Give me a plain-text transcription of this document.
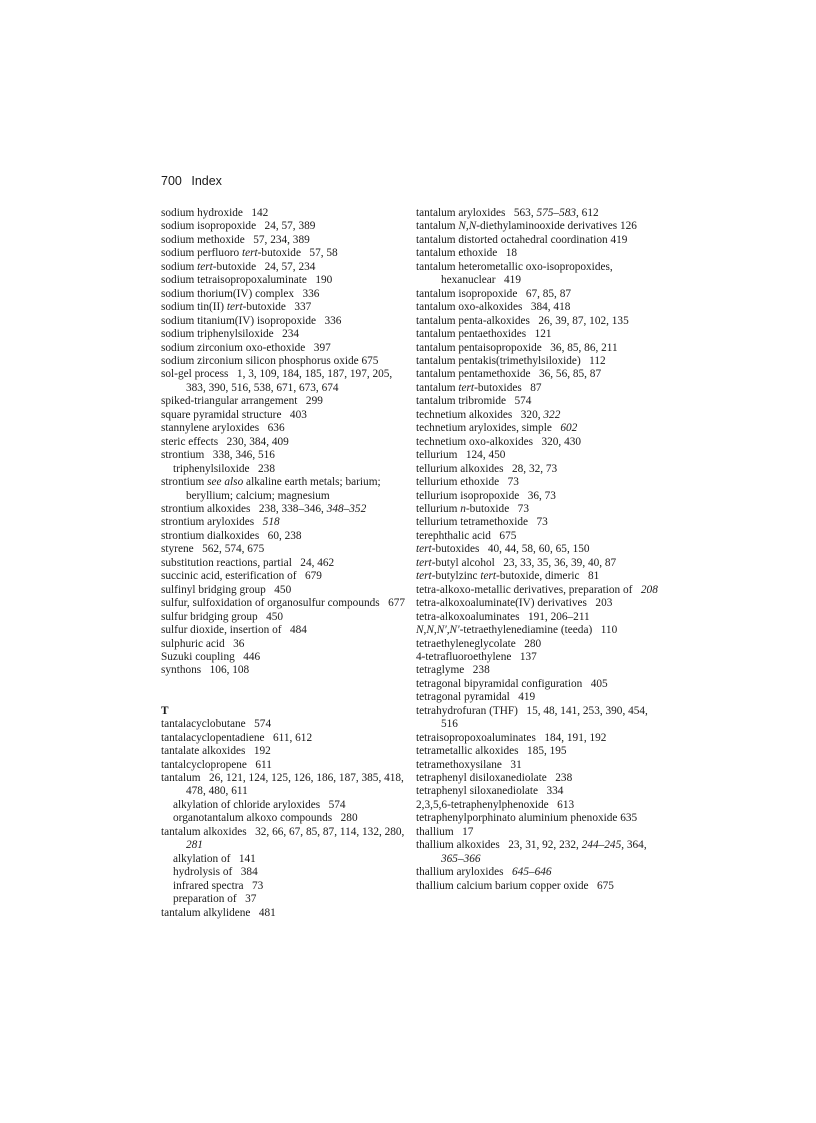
700 Index
sodium hydroxide   142
sodium isopropoxide   24, 57, 389
sodium methoxide   57, 234, 389
sodium perfluoro tert-butoxide   57, 58
sodium tert-butoxide   24, 57, 234
sodium tetraisopropoxaluminate   190
sodium thorium(IV) complex   336
sodium tin(II) tert-butoxide   337
sodium titanium(IV) isopropoxide   336
sodium triphenylsiloxide   234
sodium zirconium oxo-ethoxide   397
sodium zirconium silicon phosphorus oxide 675
sol-gel process   1, 3, 109, 184, 185, 187, 197, 205, 383, 390, 516, 538, 671, 673, 674
spiked-triangular arrangement   299
square pyramidal structure   403
stannylene aryloxides   636
steric effects   230, 384, 409
strontium   338, 346, 516
triphenylsiloxide   238
strontium see also alkaline earth metals; barium; beryllium; calcium; magnesium
strontium alkoxides   238, 338–346, 348–352
strontium aryloxides   518
strontium dialkoxides   60, 238
styrene   562, 574, 675
substitution reactions, partial   24, 462
succinic acid, esterification of   679
sulfinyl bridging group   450
sulfur, sulfoxidation of organosulfur compounds   677
sulfur bridging group   450
sulfur dioxide, insertion of   484
sulphuric acid   36
Suzuki coupling   446
synthons   106, 108
T
tantalacyclobutane   574
tantalacyclopentadiene   611, 612
tantalate alkoxides   192
tantalcyclopropene   611
tantalum   26, 121, 124, 125, 126, 186, 187, 385, 418, 478, 480, 611
alkylation of chloride aryloxides   574
organotantalum alkoxo compounds   280
tantalum alkoxides   32, 66, 67, 85, 87, 114, 132, 280, 281
alkylation of   141
hydrolysis of   384
infrared spectra   73
preparation of   37
tantalum alkylidene   481
tantalum aryloxides   563, 575–583, 612
tantalum N,N-diethylaminooxide derivatives 126
tantalum distorted octahedral coordination 419
tantalum ethoxide   18
tantalum heterometallic oxo-isopropoxides, hexanuclear   419
tantalum isopropoxide   67, 85, 87
tantalum oxo-alkoxides   384, 418
tantalum penta-alkoxides   26, 39, 87, 102, 135
tantalum pentaethoxides   121
tantalum pentaisopropoxide   36, 85, 86, 211
tantalum pentakis(trimethylsiloxide)   112
tantalum pentamethoxide   36, 56, 85, 87
tantalum tert-butoxides   87
tantalum tribromide   574
technetium alkoxides   320, 322
technetium aryloxides, simple   602
technetium oxo-alkoxides   320, 430
tellurium   124, 450
tellurium alkoxides   28, 32, 73
tellurium ethoxide   73
tellurium isopropoxide   36, 73
tellurium n-butoxide   73
tellurium tetramethoxide   73
terephthalic acid   675
tert-butoxides   40, 44, 58, 60, 65, 150
tert-butyl alcohol   23, 33, 35, 36, 39, 40, 87
tert-butylzinc tert-butoxide, dimeric   81
tetra-alkoxo-metallic derivatives, preparation of   208
tetra-alkoxoaluminate(IV) derivatives   203
tetra-alkoxoaluminates   191, 206–211
N,N,N′,N′-tetraethylenediamine (teeda)   110
tetraethyleneglycolate   280
4-tetrafluoroethylene   137
tetraglyme   238
tetragonal bipyramidal configuration   405
tetragonal pyramidal   419
tetrahydrofuran (THF)   15, 48, 141, 253, 390, 454, 516
tetraisopropoxoaluminates   184, 191, 192
tetrametallic alkoxides   185, 195
tetramethoxysilane   31
tetraphenyl disiloxanediolate   238
tetraphenyl siloxanediolate   334
2,3,5,6-tetraphenylphenoxide   613
tetraphenylporphinato aluminium phenoxide 635
thallium   17
thallium alkoxides   23, 31, 92, 232, 244–245, 364, 365–366
thallium aryloxides   645–646
thallium calcium barium copper oxide   675
